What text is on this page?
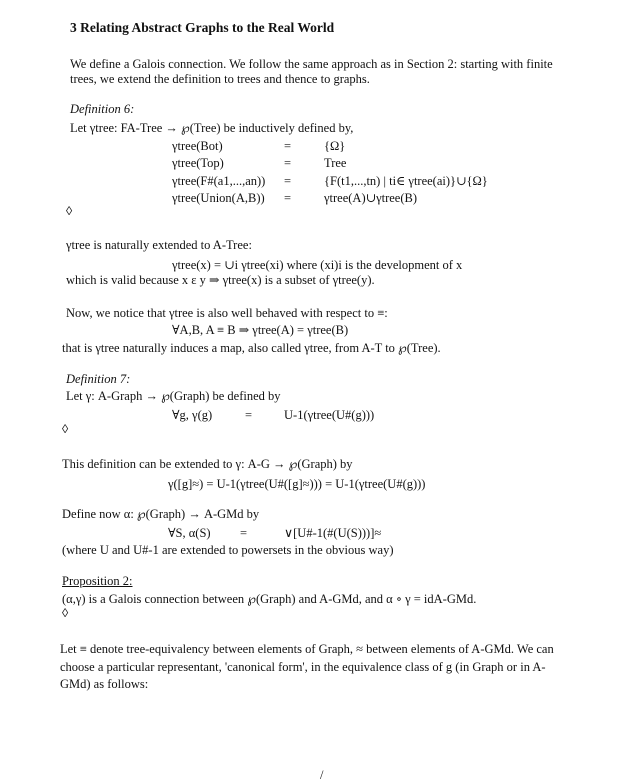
3 Relating Abstract Graphs to the Real World
We define a Galois connection. We follow the same approach as in Section 2: starting with finite
trees, we extend the definition to trees and thence to graphs.
Definition 6:
Let γtree: FA-Tree → ℘(Tree) be inductively defined by,
γtree(Bot)	=	{Ω}
γtree(Top)	=	Tree
γtree(F#(a1,...,an)) =	{F(t1,...,tn) | ti∈ γtree(ai)}∪{Ω}
γtree(Union(A,B)) =	γtree(A)∪γtree(B)
◊
γtree is naturally extended to A-Tree:
γtree(x) = ∪i γtree(xi) where (xi)i is the development of x
which is valid because x ε y ⇒ γtree(x) is a subset of γtree(y).
Now, we notice that γtree is also well behaved with respect to ≡:
∀A,B, A ≡ B ⇒ γtree(A) = γtree(B)
that is γtree naturally induces a map, also called γtree, from A-T to ℘(Tree).
Definition 7:
Let γ: A-Graph → ℘(Graph) be defined by
∀g, γ(g)	=	U-1(γtree(U#(g)))
◊
This definition can be extended to γ: A-G → ℘(Graph) by
γ([g]≈) = U-1(γtree(U#([g]≈))) = U-1(γtree(U#(g)))
Define now α: ℘(Graph) → A-GMd by
∀S, α(S) =	∨[U#-1(#(U(S)))]≈
(where U and U#-1 are extended to powersets in the obvious way)
Proposition 2:
(α,γ) is a Galois connection between ℘(Graph) and A-GMd, and α ∘ γ = idA-GMd.
◊
Let ≡ denote tree-equivalency between elements of Graph, ≈ between elements of A-GMd. We can
choose a particular representant, 'canonical form', in the equivalence class of g (in Graph or in A-
GMd) as follows:
/
